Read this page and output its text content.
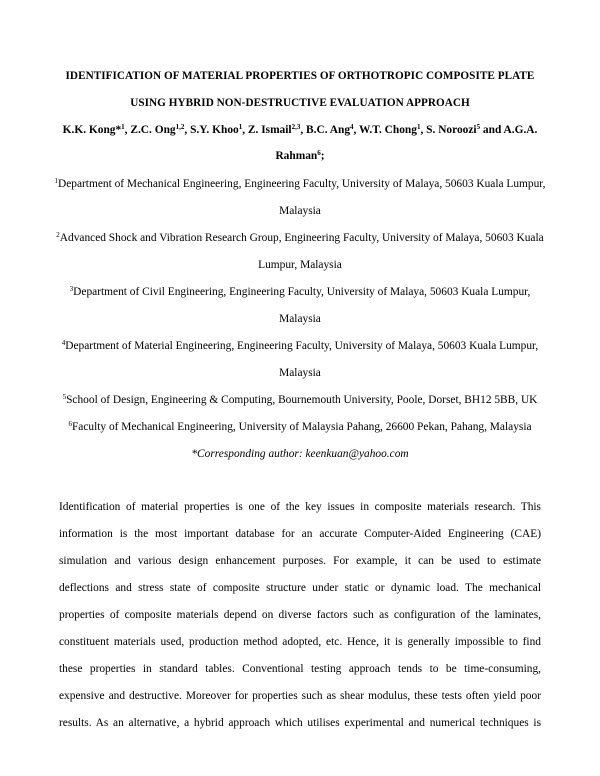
IDENTIFICATION OF MATERIAL PROPERTIES OF ORTHOTROPIC COMPOSITE PLATE
USING HYBRID NON-DESTRUCTIVE EVALUATION APPROACH
K.K. Kong*$^1$, Z.C. Ong$^{1,2}$, S.Y. Khoo$^1$, Z. Ismail$^{2,3}$, B.C. Ang$^4$, W.T. Chong$^1$, S. Noroozi$^5$ and A.G.A.
Rahman$^6$;
$^1$Department of Mechanical Engineering, Engineering Faculty, University of Malaya, 50603 Kuala Lumpur,
Malaysia
$^2$Advanced Shock and Vibration Research Group, Engineering Faculty, University of Malaya, 50603 Kuala
Lumpur, Malaysia
$^3$Department of Civil Engineering, Engineering Faculty, University of Malaya, 50603 Kuala Lumpur,
Malaysia
$^4$Department of Material Engineering, Engineering Faculty, University of Malaya, 50603 Kuala Lumpur,
Malaysia
$^5$School of Design, Engineering & Computing, Bournemouth University, Poole, Dorset, BH12 5BB, UK
$^6$Faculty of Mechanical Engineering, University of Malaysia Pahang, 26600 Pekan, Pahang, Malaysia
*Corresponding author: keenkuan@yahoo.com
Identification of material properties is one of the key issues in composite materials research. This
information is the most important database for an accurate Computer-Aided Engineering (CAE)
simulation and various design enhancement purposes. For example, it can be used to estimate
deflections and stress state of composite structure under static or dynamic load. The mechanical
properties of composite materials depend on diverse factors such as configuration of the laminates,
constituent materials used, production method adopted, etc. Hence, it is generally impossible to find
these properties in standard tables. Conventional testing approach tends to be time-consuming,
expensive and destructive. Moreover for properties such as shear modulus, these tests often yield poor
results. As an alternative, a hybrid approach which utilises experimental and numerical techniques is
